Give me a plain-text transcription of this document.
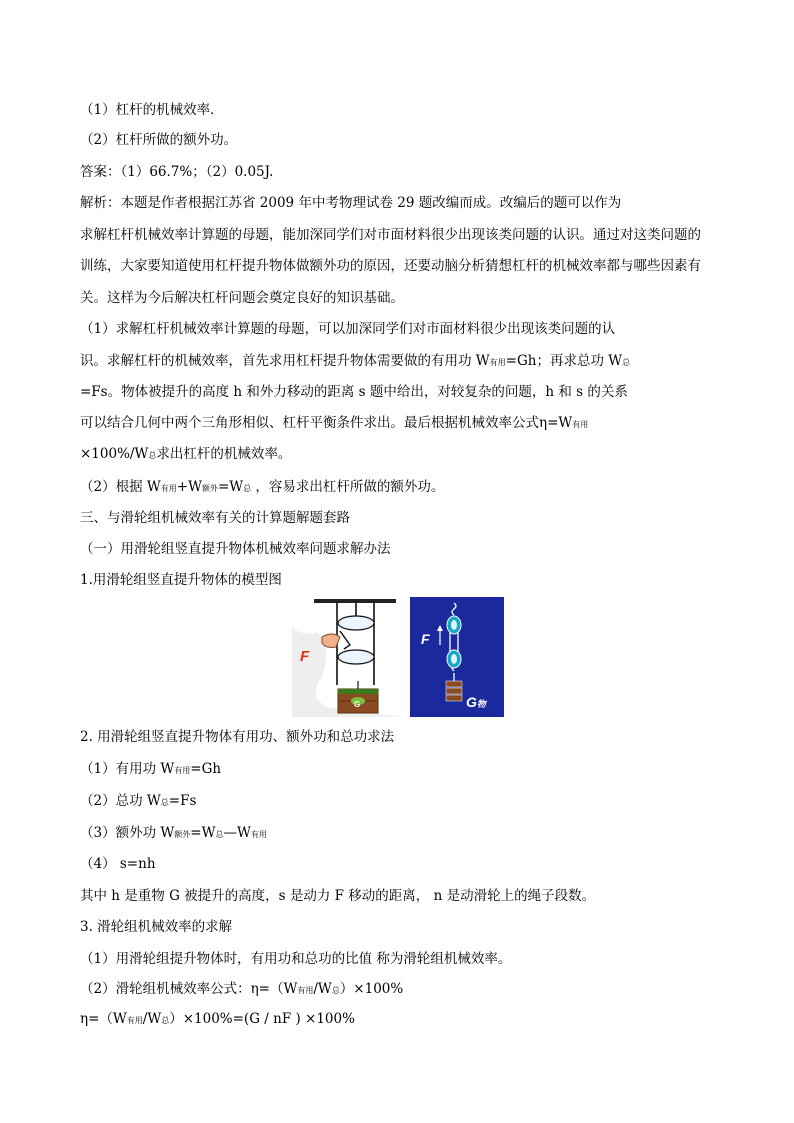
（1）杠杆的机械效率．
（2）杠杆所做的额外功。
答案：（1）66.7%；（2）0.05J.
解析：本题是作者根据江苏省 2009 年中考物理试卷 29 题改编而成。改编后的题可以作为
求解杠杆机械效率计算题的母题，能加深同学们对市面材料很少出现该类问题的认识。通过对这类问题的
训练，大家要知道使用杠杆提升物体做额外功的原因，还要动脑分析猜想杠杆的机械效率都与哪些因素有
关。这样为今后解决杠杆问题会奠定良好的知识基础。
（1）求解杠杆机械效率计算题的母题，可以加深同学们对市面材料很少出现该类问题的认
识。求解杠杆的机械效率，首先求用杠杆提升物体需要做的有用功 W有用=Gh；再求总功 W总
=Fs。物体被提升的高度 h 和外力移动的距离 s 题中给出，对较复杂的问题，h 和 s 的关系
可以结合几何中两个三角形相似、杠杆平衡条件求出。最后根据机械效率公式η=W有用
×100%/W总求出杠杆的机械效率。
（2）根据 W有用+W额外=W总 ，容易求出杠杆所做的额外功。
三、与滑轮组机械效率有关的计算题解题套路
（一）用滑轮组竖直提升物体机械效率问题求解办法
1.用滑轮组竖直提升物体的模型图
F
G
F
G物
2. 用滑轮组竖直提升物体有用功、额外功和总功求法
（1）有用功 W有用=Gh
（2）总功 W总=Fs
（3）额外功 W额外=W总—W有用
（4） s=nh
其中 h 是重物 G 被提升的高度，s 是动力 F 移动的距离， n 是动滑轮上的绳子段数。
3. 滑轮组机械效率的求解
（1）用滑轮组提升物体时，有用功和总功的比值 称为滑轮组机械效率。
（2）滑轮组机械效率公式：η=（W有用/W总）×100%
η=（W有用/W总）×100%=(G / nF ) ×100%
